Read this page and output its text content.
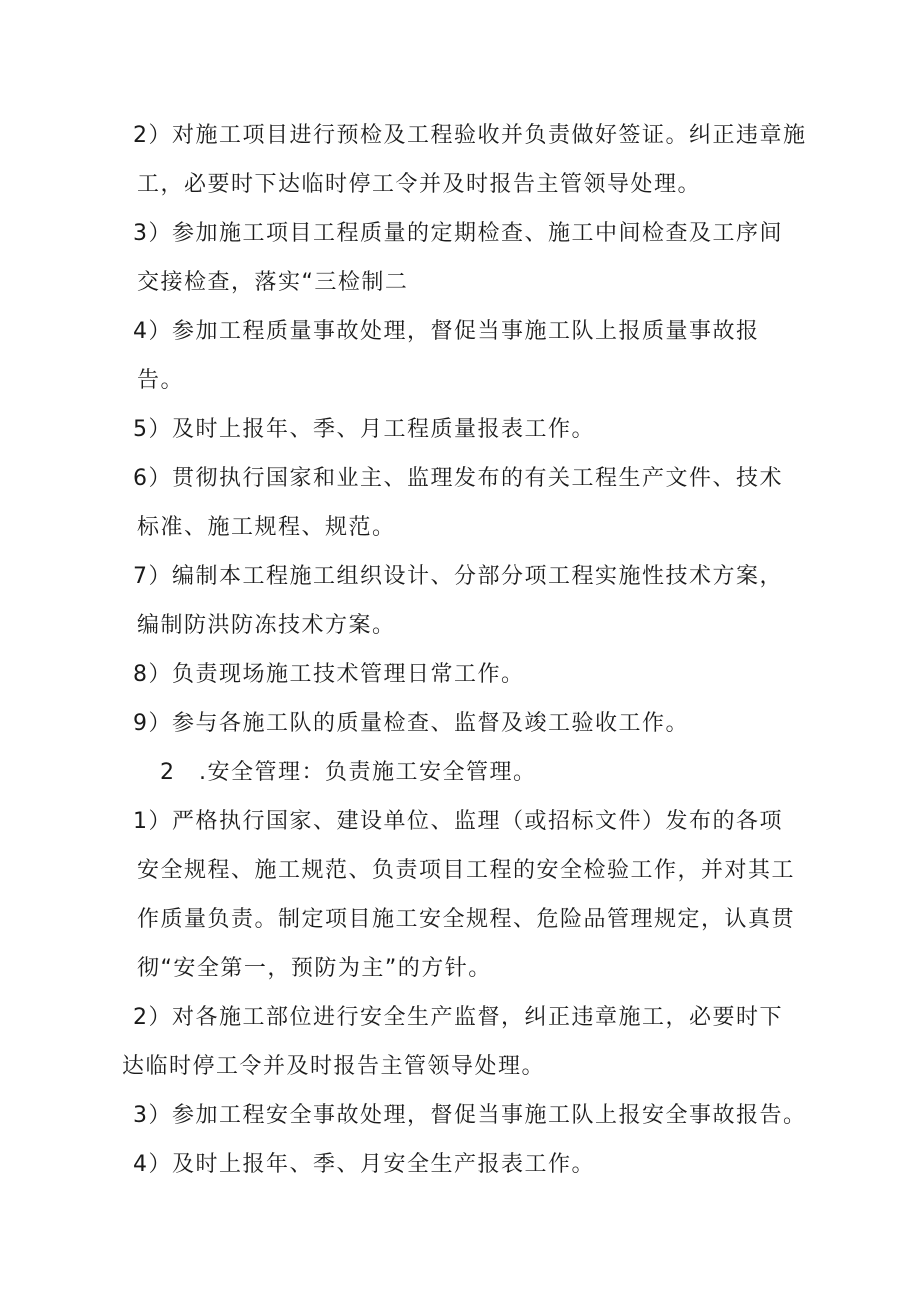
2）对施工项目进行预检及工程验收并负责做好签证。纠正违章施
工，必要时下达临时停工令并及时报告主管领导处理。
3）参加施工项目工程质量的定期检查、施工中间检查及工序间
交接检查，落实“三检制二
4）参加工程质量事故处理，督促当事施工队上报质量事故报
告。
5）及时上报年、季、月工程质量报表工作。
6）贯彻执行国家和业主、监理发布的有关工程生产文件、技术
标准、施工规程、规范。
7）编制本工程施工组织设计、分部分项工程实施性技术方案，
编制防洪防冻技术方案。
8）负责现场施工技术管理日常工作。
9）参与各施工队的质量检查、监督及竣工验收工作。
2　.安全管理：负责施工安全管理。
1）严格执行国家、建设单位、监理（或招标文件）发布的各项
安全规程、施工规范、负责项目工程的安全检验工作，并对其工
作质量负责。制定项目施工安全规程、危险品管理规定，认真贯
彻“安全第一，预防为主”的方针。
2）对各施工部位进行安全生产监督，纠正违章施工，必要时下
达临时停工令并及时报告主管领导处理。
3）参加工程安全事故处理，督促当事施工队上报安全事故报告。
4）及时上报年、季、月安全生产报表工作。
